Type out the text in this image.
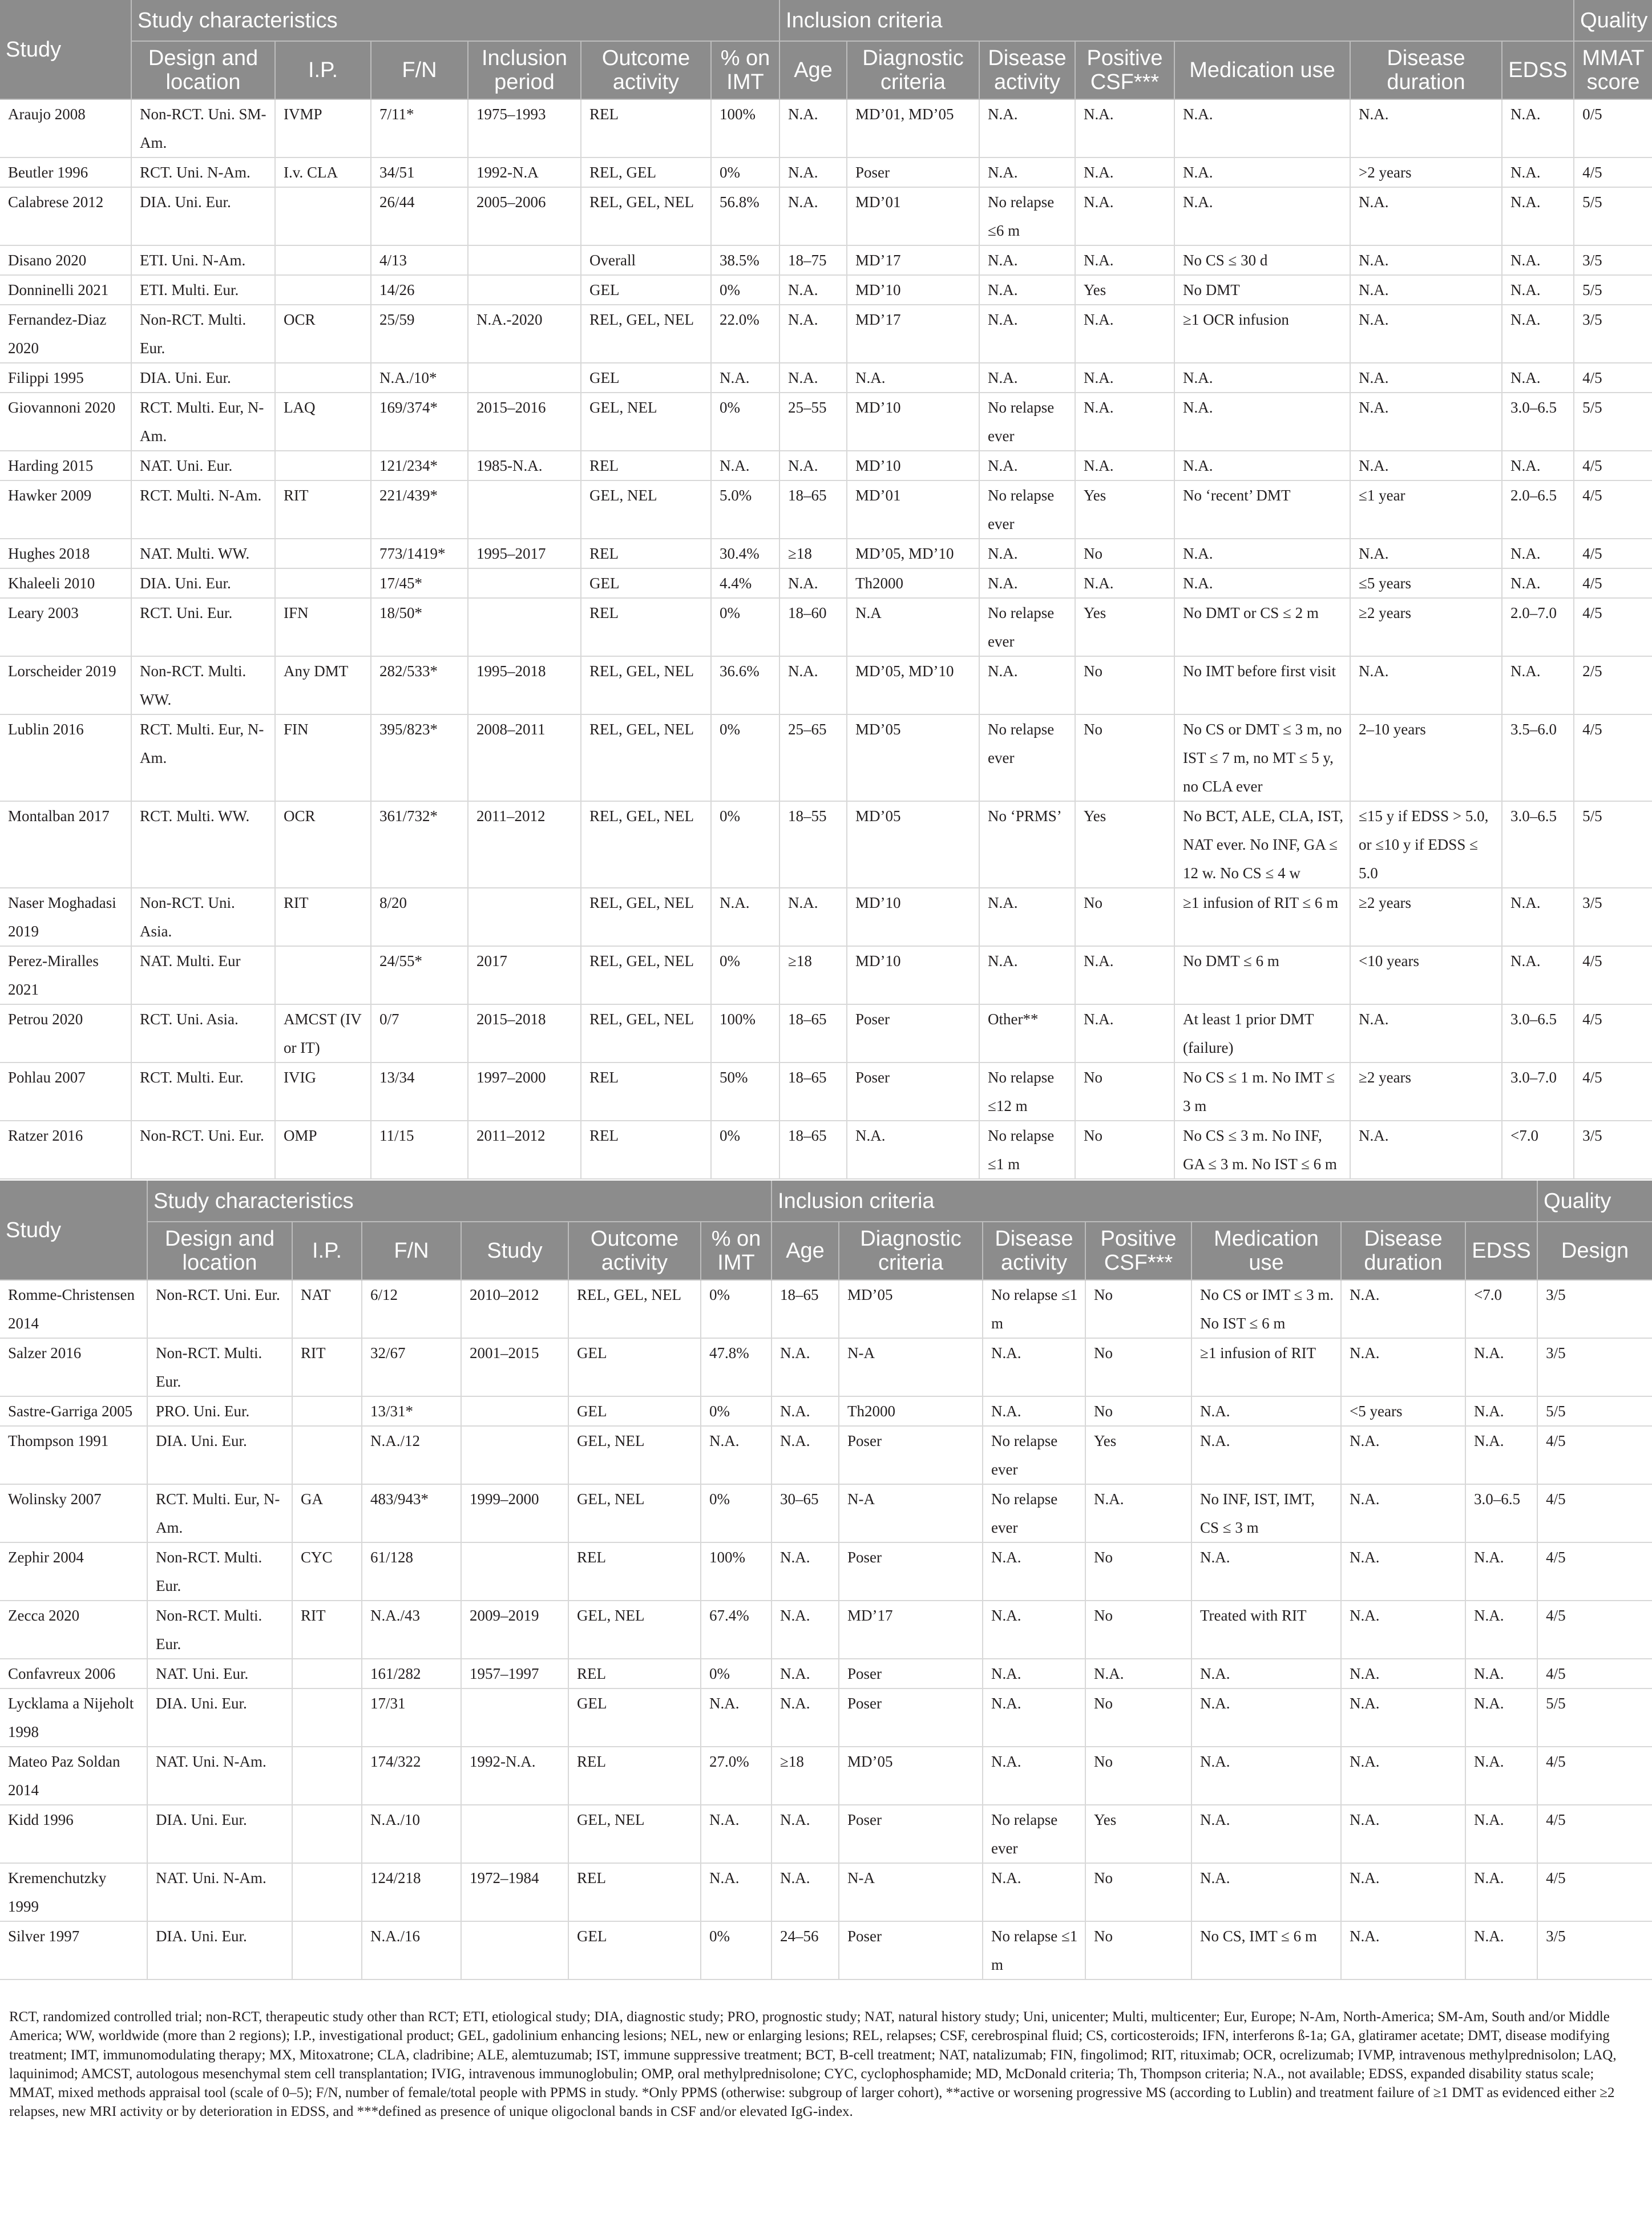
Study	Study characteristics						Inclusion criteria							Quality
	Design and location	I.P.	F/N	Inclusion period	Outcome activity	% on IMT	Age	Diagnostic criteria	Disease activity	Positive CSF***	Medication use	Disease duration	EDSS	MMAT score
Araujo 2008	Non-RCT. Uni. SM-Am.	IVMP	7/11*	1975–1993	REL	100%	N.A.	MD’01, MD’05	N.A.	N.A.	N.A.	N.A.	N.A.	0/5
Beutler 1996	RCT. Uni. N-Am.	I.v. CLA	34/51	1992-N.A	REL, GEL	0%	N.A.	Poser	N.A.	N.A.	N.A.	>2 years	N.A.	4/5
Calabrese 2012	DIA. Uni. Eur.		26/44	2005–2006	REL, GEL, NEL	56.8%	N.A.	MD’01	No relapse ≤6 m	N.A.	N.A.	N.A.	N.A.	5/5
Disano 2020	ETI. Uni. N-Am.		4/13		Overall	38.5%	18–75	MD’17	N.A.	N.A.	No CS ≤ 30 d	N.A.	N.A.	3/5
Donninelli 2021	ETI. Multi. Eur.		14/26		GEL	0%	N.A.	MD’10	N.A.	Yes	No DMT	N.A.	N.A.	5/5
Fernandez-Diaz 2020	Non-RCT. Multi. Eur.	OCR	25/59	N.A.-2020	REL, GEL, NEL	22.0%	N.A.	MD’17	N.A.	N.A.	≥1 OCR infusion	N.A.	N.A.	3/5
Filippi 1995	DIA. Uni. Eur.		N.A./10*		GEL	N.A.	N.A.	N.A.	N.A.	N.A.	N.A.	N.A.	N.A.	4/5
Giovannoni 2020	RCT. Multi. Eur, N-Am.	LAQ	169/374*	2015–2016	GEL, NEL	0%	25–55	MD’10	No relapse ever	N.A.	N.A.	N.A.	3.0–6.5	5/5
Harding 2015	NAT. Uni. Eur.		121/234*	1985-N.A.	REL	N.A.	N.A.	MD’10	N.A.	N.A.	N.A.	N.A.	N.A.	4/5
Hawker 2009	RCT. Multi. N-Am.	RIT	221/439*		GEL, NEL	5.0%	18–65	MD’01	No relapse ever	Yes	No ‘recent’ DMT	≤1 year	2.0–6.5	4/5
Hughes 2018	NAT. Multi. WW.		773/1419*	1995–2017	REL	30.4%	≥18	MD’05, MD’10	N.A.	No	N.A.	N.A.	N.A.	4/5
Khaleeli 2010	DIA. Uni. Eur.		17/45*		GEL	4.4%	N.A.	Th2000	N.A.	N.A.	N.A.	≤5 years	N.A.	4/5
Leary 2003	RCT. Uni. Eur.	IFN	18/50*		REL	0%	18–60	N.A	No relapse ever	Yes	No DMT or CS ≤ 2 m	≥2 years	2.0–7.0	4/5
Lorscheider 2019	Non-RCT. Multi. WW.	Any DMT	282/533*	1995–2018	REL, GEL, NEL	36.6%	N.A.	MD’05, MD’10	N.A.	No	No IMT before first visit	N.A.	N.A.	2/5
Lublin 2016	RCT. Multi. Eur, N-Am.	FIN	395/823*	2008–2011	REL, GEL, NEL	0%	25–65	MD’05	No relapse ever	No	No CS or DMT ≤ 3 m, no IST ≤ 7 m, no MT ≤ 5 y, no CLA ever	2–10 years	3.5–6.0	4/5
Montalban 2017	RCT. Multi. WW.	OCR	361/732*	2011–2012	REL, GEL, NEL	0%	18–55	MD’05	No ‘PRMS’	Yes	No BCT, ALE, CLA, IST, NAT ever. No INF, GA ≤ 12 w. No CS ≤ 4 w	≤15 y if EDSS > 5.0, or ≤10 y if EDSS ≤ 5.0	3.0–6.5	5/5
Naser Moghadasi 2019	Non-RCT. Uni. Asia.	RIT	8/20		REL, GEL, NEL	N.A.	N.A.	MD’10	N.A.	No	≥1 infusion of RIT ≤ 6 m	≥2 years	N.A.	3/5
Perez-Miralles 2021	NAT. Multi. Eur		24/55*	2017	REL, GEL, NEL	0%	≥18	MD’10	N.A.	N.A.	No DMT ≤ 6 m	<10 years	N.A.	4/5
Petrou 2020	RCT. Uni. Asia.	AMCST (IV or IT)	0/7	2015–2018	REL, GEL, NEL	100%	18–65	Poser	Other**	N.A.	At least 1 prior DMT (failure)	N.A.	3.0–6.5	4/5
Pohlau 2007	RCT. Multi. Eur.	IVIG	13/34	1997–2000	REL	50%	18–65	Poser	No relapse ≤12 m	No	No CS ≤ 1 m. No IMT ≤ 3 m	≥2 years	3.0–7.0	4/5
Ratzer 2016	Non-RCT. Uni. Eur.	OMP	11/15	2011–2012	REL	0%	18–65	N.A.	No relapse ≤1 m	No	No CS ≤ 3 m. No INF, GA ≤ 3 m. No IST ≤ 6 m	N.A.	<7.0	3/5
Study	Study characteristics						Inclusion criteria							Quality
	Design and location	I.P.	F/N	Study	Outcome activity	% on IMT	Age	Diagnostic criteria	Disease activity	Positive CSF***	Medication use	Disease duration	EDSS	Design
Romme-Christensen 2014	Non-RCT. Uni. Eur.	NAT	6/12	2010–2012	REL, GEL, NEL	0%	18–65	MD’05	No relapse ≤1 m	No	No CS or IMT ≤ 3 m. No IST ≤ 6 m	N.A.	<7.0	3/5
Salzer 2016	Non-RCT. Multi. Eur.	RIT	32/67	2001–2015	GEL	47.8%	N.A.	N-A	N.A.	No	≥1 infusion of RIT	N.A.	N.A.	3/5
Sastre-Garriga 2005	PRO. Uni. Eur.		13/31*		GEL	0%	N.A.	Th2000	N.A.	No	N.A.	<5 years	N.A.	5/5
Thompson 1991	DIA. Uni. Eur.		N.A./12		GEL, NEL	N.A.	N.A.	Poser	No relapse ever	Yes	N.A.	N.A.	N.A.	4/5
Wolinsky 2007	RCT. Multi. Eur, N-Am.	GA	483/943*	1999–2000	GEL, NEL	0%	30–65	N-A	No relapse ever	N.A.	No INF, IST, IMT, CS ≤ 3 m	N.A.	3.0–6.5	4/5
Zephir 2004	Non-RCT. Multi. Eur.	CYC	61/128		REL	100%	N.A.	Poser	N.A.	No	N.A.	N.A.	N.A.	4/5
Zecca 2020	Non-RCT. Multi. Eur.	RIT	N.A./43	2009–2019	GEL, NEL	67.4%	N.A.	MD’17	N.A.	No	Treated with RIT	N.A.	N.A.	4/5
Confavreux 2006	NAT. Uni. Eur.		161/282	1957–1997	REL	0%	N.A.	Poser	N.A.	N.A.	N.A.	N.A.	N.A.	4/5
Lycklama a Nijeholt 1998	DIA. Uni. Eur.		17/31		GEL	N.A.	N.A.	Poser	N.A.	No	N.A.	N.A.	N.A.	5/5
Mateo Paz Soldan 2014	NAT. Uni. N-Am.		174/322	1992-N.A.	REL	27.0%	≥18	MD’05	N.A.	No	N.A.	N.A.	N.A.	4/5
Kidd 1996	DIA. Uni. Eur.		N.A./10		GEL, NEL	N.A.	N.A.	Poser	No relapse ever	Yes	N.A.	N.A.	N.A.	4/5
Kremenchutzky 1999	NAT. Uni. N-Am.		124/218	1972–1984	REL	N.A.	N.A.	N-A	N.A.	No	N.A.	N.A.	N.A.	4/5
Silver 1997	DIA. Uni. Eur.		N.A./16		GEL	0%	24–56	Poser	No relapse ≤1 m	No	No CS, IMT ≤ 6 m	N.A.	N.A.	3/5
RCT, randomized controlled trial; non-RCT, therapeutic study other than RCT; ETI, etiological study; DIA, diagnostic study; PRO, prognostic study; NAT, natural history study; Uni, unicenter; Multi, multicenter; Eur, Europe; N-Am, North-America; SM-Am, South and/or Middle America; WW, worldwide (more than 2 regions); I.P., investigational product; GEL, gadolinium enhancing lesions; NEL, new or enlarging lesions; REL, relapses; CSF, cerebrospinal fluid; CS, corticosteroids; IFN, interferons ß-1a; GA, glatiramer acetate; DMT, disease modifying treatment; IMT, immunomodulating therapy; MX, Mitoxatrone; CLA, cladribine; ALE, alemtuzumab; IST, immune suppressive treatment; BCT, B-cell treatment; NAT, natalizumab; FIN, fingolimod; RIT, rituximab; OCR, ocrelizumab; IVMP, intravenous methylprednisolon; LAQ, laquinimod; AMCST, autologous mesenchymal stem cell transplantation; IVIG, intravenous immunoglobulin; OMP, oral methylprednisolone; CYC, cyclophosphamide; MD, McDonald criteria; Th, Thompson criteria; N.A., not available; EDSS, expanded disability status scale; MMAT, mixed methods appraisal tool (scale of 0–5); F/N, number of female/total people with PPMS in study. *Only PPMS (otherwise: subgroup of larger cohort), **active or worsening progressive MS (according to Lublin) and treatment failure of ≥1 DMT as evidenced either ≥2 relapses, new MRI activity or by deterioration in EDSS, and ***defined as presence of unique oligoclonal bands in CSF and/or elevated IgG-index.
